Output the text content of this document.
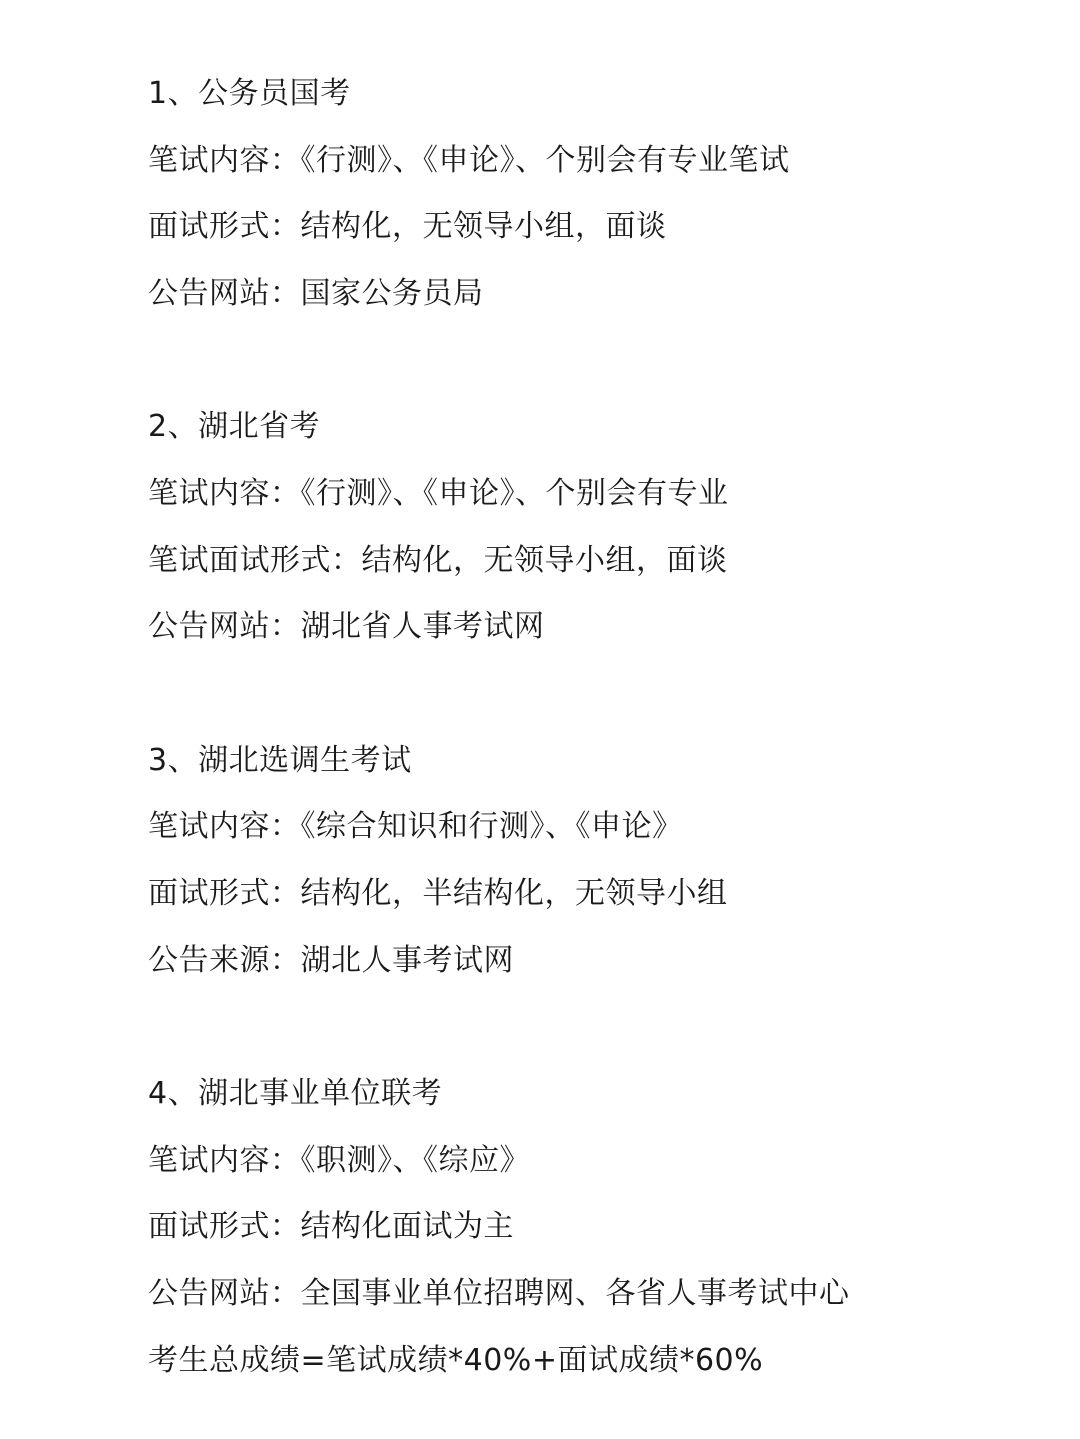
1、公务员国考
笔试内容：《行测》、《申论》、个别会有专业笔试
面试形式：结构化，无领导小组，面谈
公告网站：国家公务员局
2、湖北省考
笔试内容：《行测》、《申论》、个别会有专业
笔试面试形式：结构化，无领导小组，面谈
公告网站：湖北省人事考试网
3、湖北选调生考试
笔试内容：《综合知识和行测》、《申论》
面试形式：结构化，半结构化，无领导小组
公告来源：湖北人事考试网
4、湖北事业单位联考
笔试内容：《职测》、《综应》
面试形式：结构化面试为主
公告网站：全国事业单位招聘网、各省人事考试中心
考生总成绩=笔试成绩*40%+面试成绩*60%
